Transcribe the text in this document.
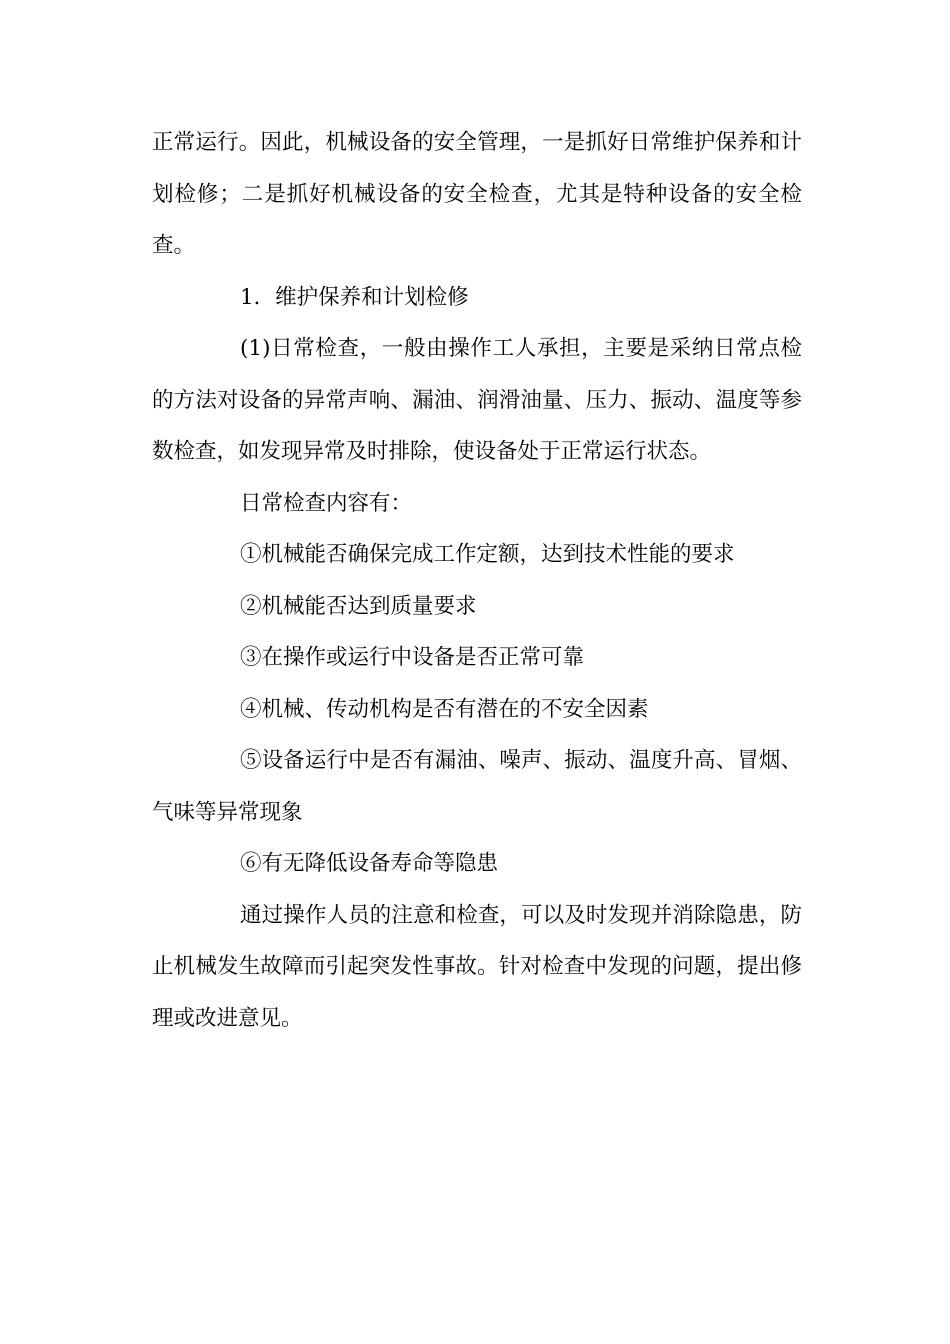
正常运行。因此，机械设备的安全管理，一是抓好日常维护保养和计划检修；二是抓好机械设备的安全检查，尤其是特种设备的安全检查。

1．维护保养和计划检修

(1)日常检查，一般由操作工人承担，主要是采纳日常点检的方法对设备的异常声响、漏油、润滑油量、压力、振动、温度等参数检查，如发现异常及时排除，使设备处于正常运行状态。

日常检查内容有：

①机械能否确保完成工作定额，达到技术性能的要求

②机械能否达到质量要求

③在操作或运行中设备是否正常可靠

④机械、传动机构是否有潜在的不安全因素

⑤设备运行中是否有漏油、噪声、振动、温度升高、冒烟、气味等异常现象

⑥有无降低设备寿命等隐患

通过操作人员的注意和检查，可以及时发现并消除隐患，防止机械发生故障而引起突发性事故。针对检查中发现的问题，提出修理或改进意见。
